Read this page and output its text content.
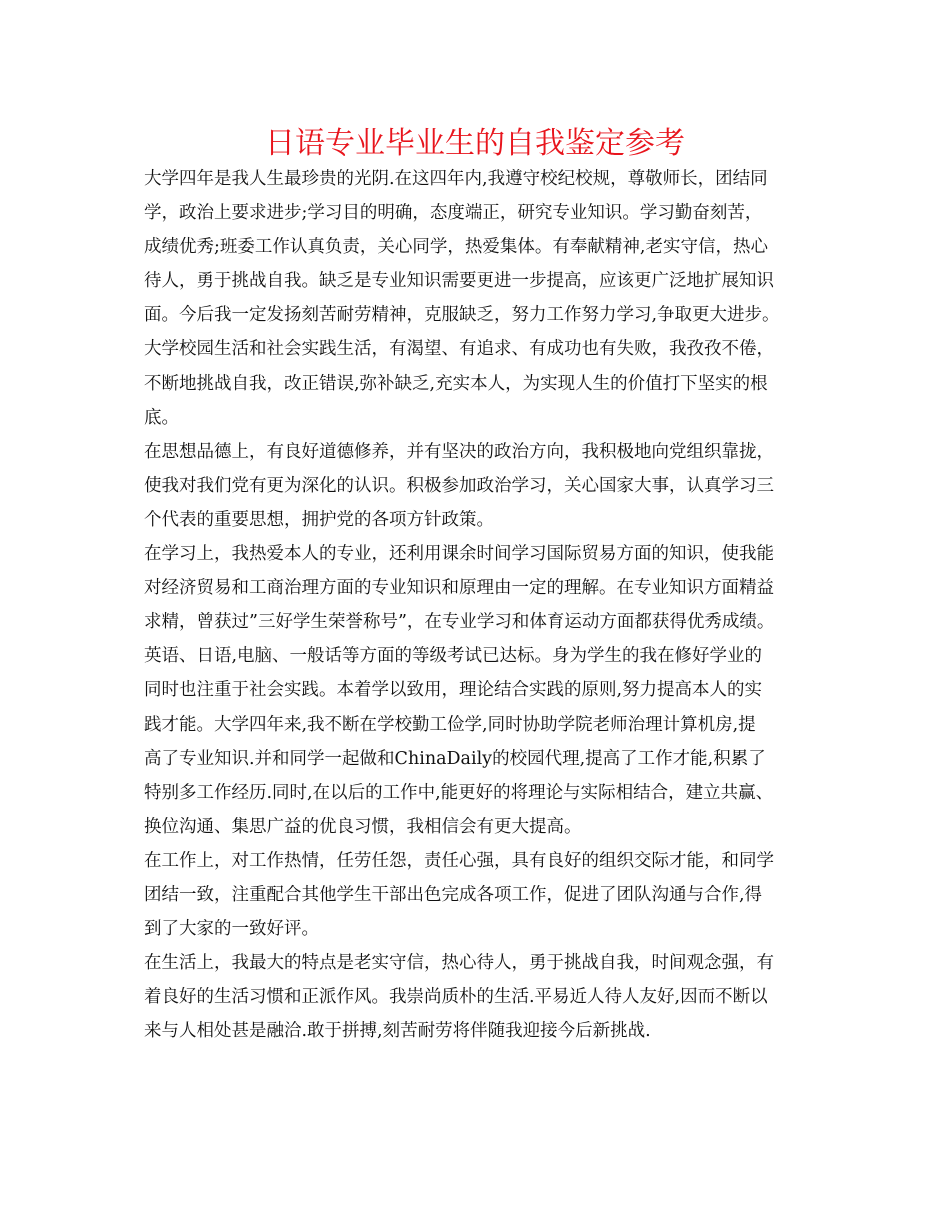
日语专业毕业生的自我鉴定参考
大学四年是我人生最珍贵的光阴.在这四年内,我遵守校纪校规，尊敬师长，团结同
学，政治上要求进步;学习目的明确，态度端正，研究专业知识。学习勤奋刻苦，
成绩优秀;班委工作认真负责，关心同学，热爱集体。有奉献精神,老实守信，热心
待人，勇于挑战自我。缺乏是专业知识需要更进一步提高，应该更广泛地扩展知识
面。今后我一定发扬刻苦耐劳精神，克服缺乏，努力工作努力学习,争取更大进步。
大学校园生活和社会实践生活，有渴望、有追求、有成功也有失败，我孜孜不倦，
不断地挑战自我，改正错误,弥补缺乏,充实本人，为实现人生的价值打下坚实的根
底。
在思想品德上，有良好道德修养，并有坚决的政治方向，我积极地向党组织靠拢，
使我对我们党有更为深化的认识。积极参加政治学习，关心国家大事，认真学习三
个代表的重要思想，拥护党的各项方针政策。
在学习上，我热爱本人的专业，还利用课余时间学习国际贸易方面的知识，使我能
对经济贸易和工商治理方面的专业知识和原理由一定的理解。在专业知识方面精益
求精，曾获过”三好学生荣誉称号”，在专业学习和体育运动方面都获得优秀成绩。
英语、日语,电脑、一般话等方面的等级考试已达标。身为学生的我在修好学业的
同时也注重于社会实践。本着学以致用，理论结合实践的原则,努力提高本人的实
践才能。大学四年来,我不断在学校勤工俭学,同时协助学院老师治理计算机房,提
高了专业知识.并和同学一起做和ChinaDaily的校园代理,提高了工作才能,积累了
特别多工作经历.同时,在以后的工作中,能更好的将理论与实际相结合，建立共赢、
换位沟通、集思广益的优良习惯，我相信会有更大提高。
在工作上，对工作热情，任劳任怨，责任心强，具有良好的组织交际才能，和同学
团结一致，注重配合其他学生干部出色完成各项工作，促进了团队沟通与合作,得
到了大家的一致好评。
在生活上，我最大的特点是老实守信，热心待人，勇于挑战自我，时间观念强，有
着良好的生活习惯和正派作风。我崇尚质朴的生活.平易近人待人友好,因而不断以
来与人相处甚是融洽.敢于拼搏,刻苦耐劳将伴随我迎接今后新挑战.
